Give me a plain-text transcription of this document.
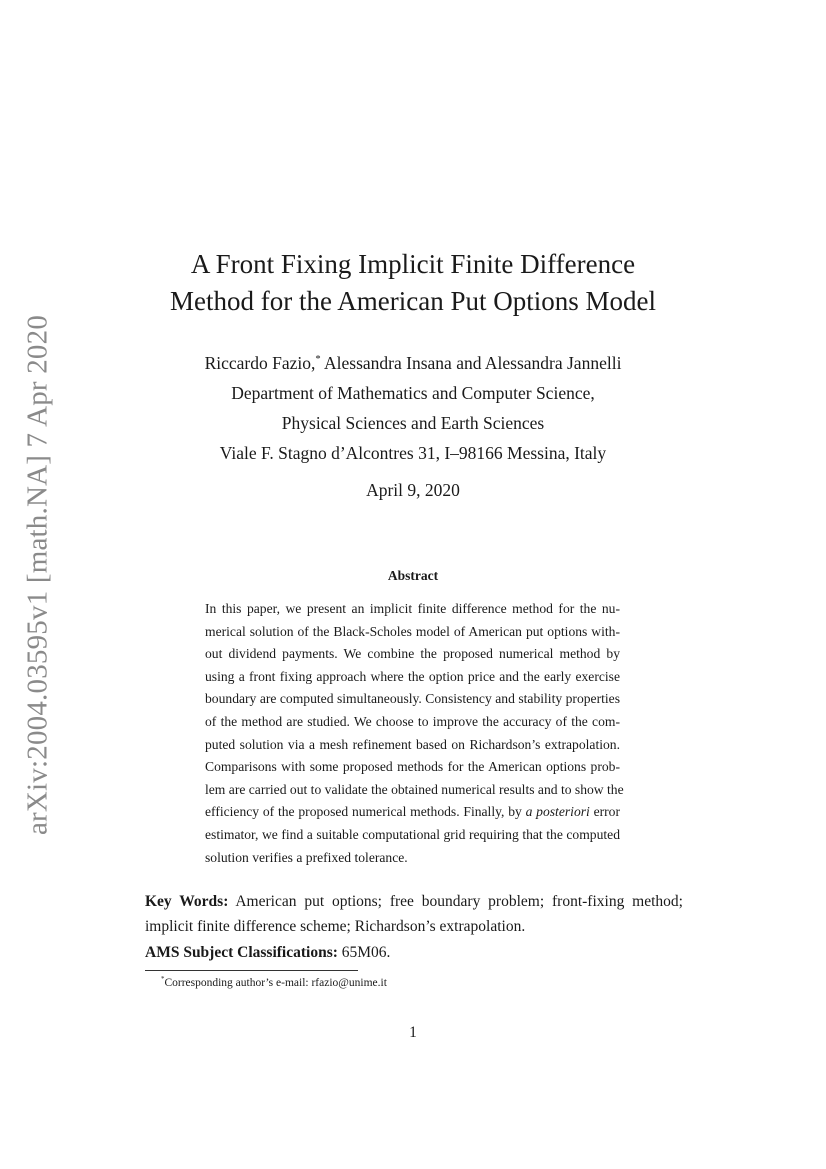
arXiv:2004.03595v1 [math.NA] 7 Apr 2020
A Front Fixing Implicit Finite Difference
Method for the American Put Options Model
Riccardo Fazio,* Alessandra Insana and Alessandra Jannelli
Department of Mathematics and Computer Science,
Physical Sciences and Earth Sciences
Viale F. Stagno d’Alcontres 31, I–98166 Messina, Italy
April 9, 2020
Abstract
In this paper, we present an implicit finite difference method for the nu-
merical solution of the Black-Scholes model of American put options with-
out dividend payments. We combine the proposed numerical method by
using a front fixing approach where the option price and the early exercise
boundary are computed simultaneously. Consistency and stability properties
of the method are studied. We choose to improve the accuracy of the com-
puted solution via a mesh refinement based on Richardson’s extrapolation.
Comparisons with some proposed methods for the American options prob-
lem are carried out to validate the obtained numerical results and to show the
efficiency of the proposed numerical methods. Finally, by a posteriori error
estimator, we find a suitable computational grid requiring that the computed
solution verifies a prefixed tolerance.
Key Words: American put options; free boundary problem; front-fixing method;
implicit finite difference scheme; Richardson’s extrapolation.
AMS Subject Classifications: 65M06.
*Corresponding author’s e-mail: rfazio@unime.it
1
